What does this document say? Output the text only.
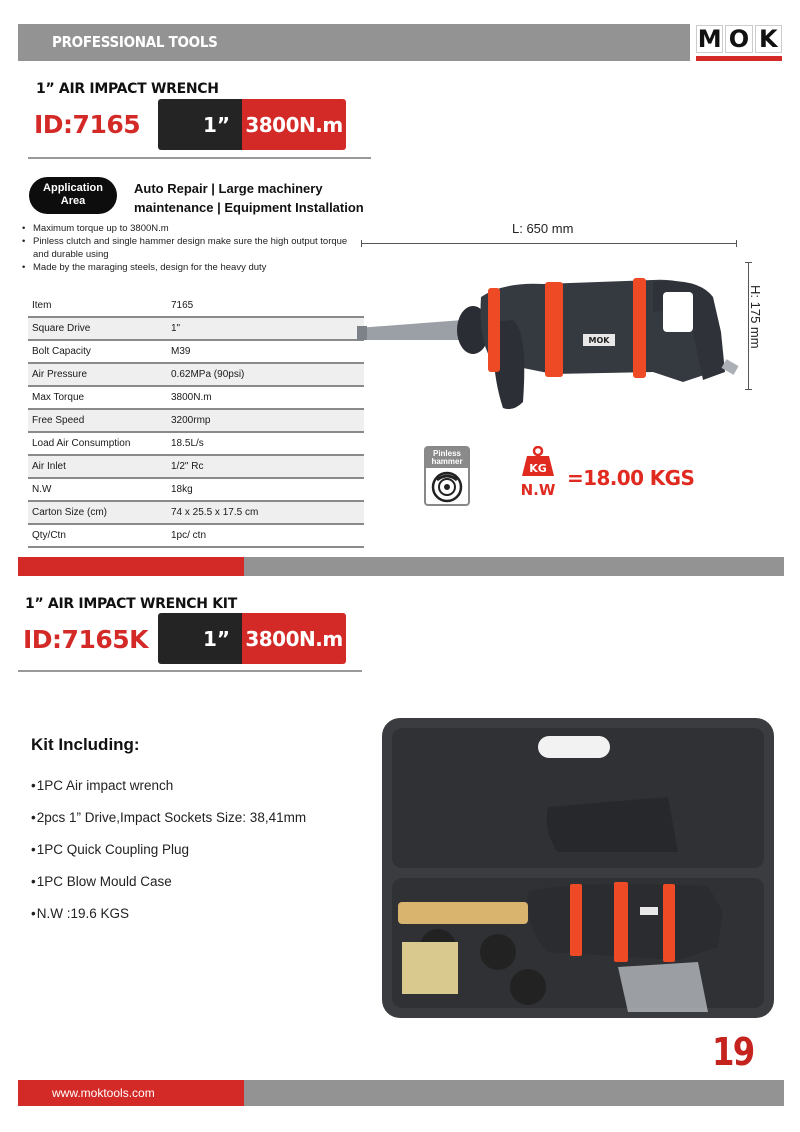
PROFESSIONAL TOOLS	M O K
1” AIR IMPACT WRENCH
ID:7165	1” 3800N.m
Application
Area
Auto Repair | Large machinery
maintenance | Equipment Installation
• Maximum torque up to 3800N.m
• Pinless clutch and single hammer design make sure the high output torque and durable using
• Made by the maraging steels, design for the heavy duty
Item	7165
Square Drive	1"
Bolt Capacity	M39
Air Pressure	0.62MPa (90psi)
Max Torque	3800N.m
Free Speed	3200rmp
Load Air Consumption	18.5L/s
Air Inlet	1/2" Rc
N.W	18kg
Carton Size (cm)	74 x 25.5 x 17.5 cm
Qty/Ctn	1pc/ ctn
L: 650 mm
H: 175 mm
MOK
Pinless
hammer
KG
N.W =18.00 KGS
1” AIR IMPACT WRENCH KIT
ID:7165K	1” 3800N.m
Kit Including:
• 1PC Air impact wrench
• 2pcs 1” Drive,Impact Sockets Size: 38,41mm
• 1PC Quick Coupling Plug
• 1PC Blow Mould Case
• N.W :19.6 KGS
19
www.moktools.com
